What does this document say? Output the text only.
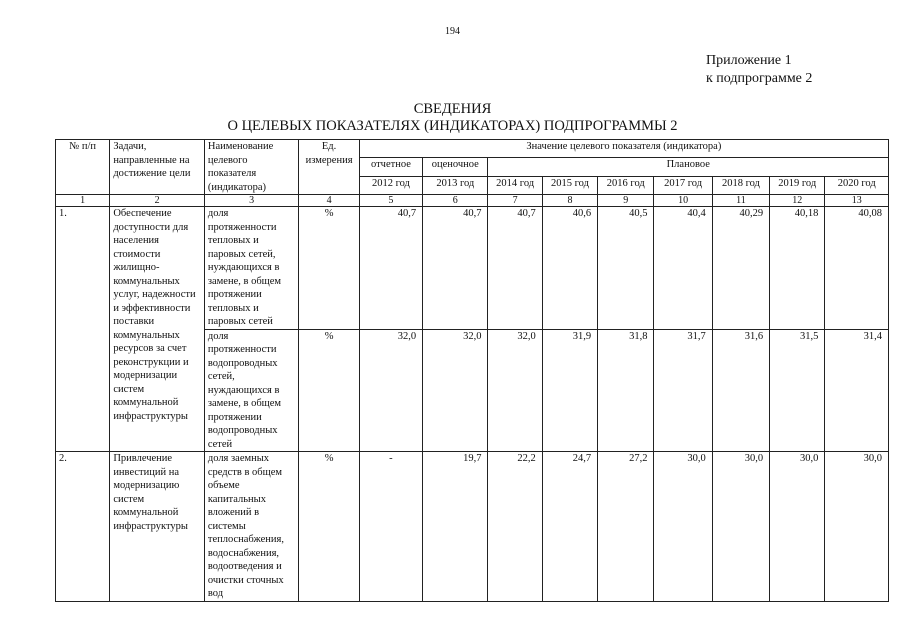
194
Приложение 1
к подпрограмме 2
СВЕДЕНИЯ
О ЦЕЛЕВЫХ ПОКАЗАТЕЛЯХ (ИНДИКАТОРАХ) ПОДПРОГРАММЫ 2
№ п/п	Задачи, направленные на достижение цели	Наименование целевого показателя (индикатора)	Ед. измерения	Значение целевого показателя (индикатора)								
				отчетное	оценочное	Плановое						
				2012 год	2013 год	2014 год	2015 год	2016 год	2017 год	2018 год	2019 год	2020 год
1	2	3	4	5	6	7	8	9	10	11	12	13
1.	Обеспечение доступности для населения стоимости жилищно-коммунальных услуг, надежности и эффективности поставки коммунальных ресурсов за счет реконструкции и модернизации систем коммунальной инфраструктуры	доля протяженности тепловых и паровых сетей, нуждающихся в замене, в общем протяжении тепловых и паровых сетей	%	40,7	40,7	40,7	40,6	40,5	40,4	40,29	40,18	40,08
		доля протяженности водопроводных сетей, нуждающихся в замене, в общем протяжении водопроводных сетей	%	32,0	32,0	32,0	31,9	31,8	31,7	31,6	31,5	31,4
2.	Привлечение инвестиций на модернизацию систем коммунальной инфраструктуры	доля заемных средств в общем объеме капитальных вложений в системы теплоснабжения, водоснабжения, водоотведения и очистки сточных вод	%	-	19,7	22,2	24,7	27,2	30,0	30,0	30,0	30,0
